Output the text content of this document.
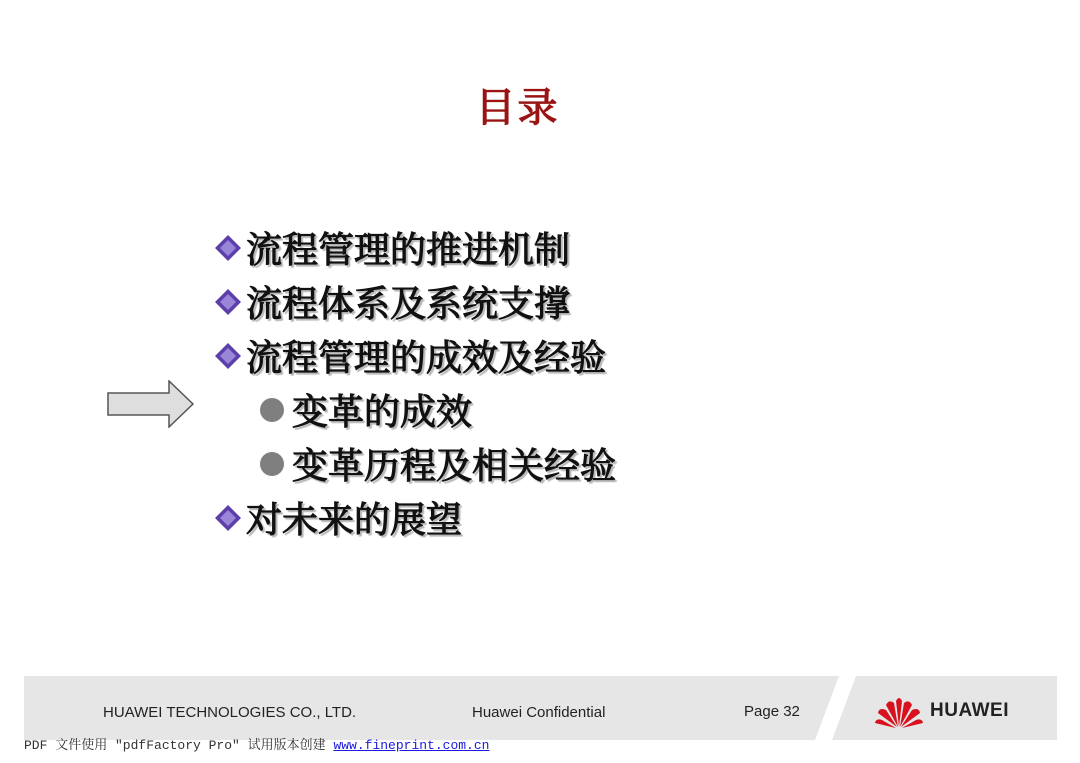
目录
流程管理的推进机制
流程体系及系统支撑
流程管理的成效及经验
变革的成效
变革历程及相关经验
对未来的展望
HUAWEI TECHNOLOGIES CO., LTD.	Huawei Confidential	Page 32	HUAWEI
PDF 文件使用 "pdfFactory Pro" 试用版本创建 www.fineprint.com.cn
